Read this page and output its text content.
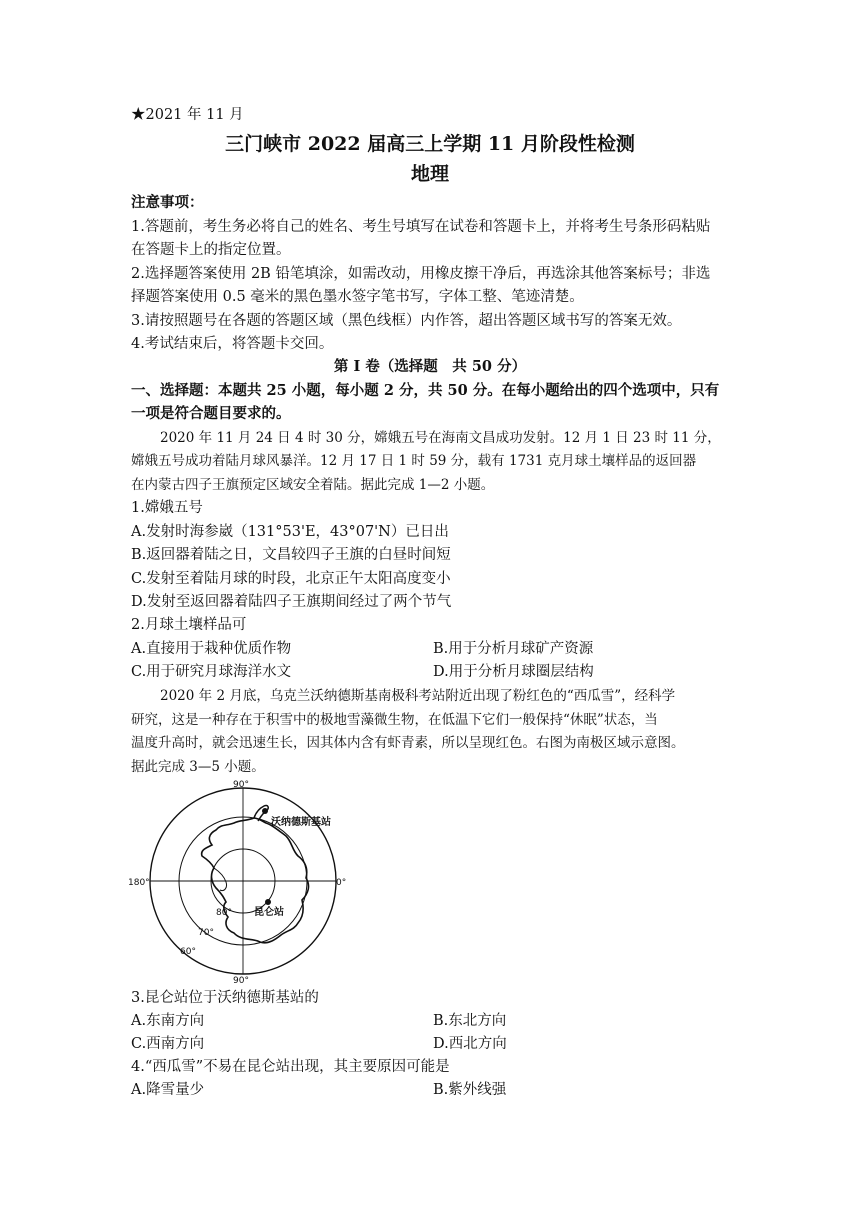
★2021 年 11 月
三门峡市 2022 届高三上学期 11 月阶段性检测
地理
注意事项：
1.答题前，考生务必将自己的姓名、考生号填写在试卷和答题卡上，并将考生号条形码粘贴
在答题卡上的指定位置。
2.选择题答案使用 2B 铅笔填涂，如需改动，用橡皮擦干净后，再选涂其他答案标号；非选
择题答案使用 0.5 毫米的黑色墨水签字笔书写，字体工整、笔迹清楚。
3.请按照题号在各题的答题区域（黑色线框）内作答，超出答题区域书写的答案无效。
4.考试结束后，将答题卡交回。
第 I 卷（选择题　共 50 分）
一、选择题：本题共 25 小题，每小题 2 分，共 50 分。在每小题给出的四个选项中，只有
一项是符合题目要求的。
2020 年 11 月 24 日 4 时 30 分，嫦娥五号在海南文昌成功发射。12 月 1 日 23 时 11 分，
嫦娥五号成功着陆月球风暴洋。12 月 17 日 1 时 59 分，载有 1731 克月球土壤样品的返回器
在内蒙古四子王旗预定区域安全着陆。据此完成 1—2 小题。
1.嫦娥五号
A.发射时海参崴（131°53'E，43°07'N）已日出
B.返回器着陆之日，文昌较四子王旗的白昼时间短
C.发射至着陆月球的时段，北京正午太阳高度变小
D.发射至返回器着陆四子王旗期间经过了两个节气
2.月球土壤样品可
A.直接用于栽种优质作物	B.用于分析月球矿产资源
C.用于研究月球海洋水文	D.用于分析月球圈层结构
2020 年 2 月底，乌克兰沃纳德斯基南极科考站附近出现了粉红色的“西瓜雪”，经科学
研究，这是一种存在于积雪中的极地雪藻微生物，在低温下它们一般保持“休眠”状态，当
温度升高时，就会迅速生长，因其体内含有虾青素，所以呈现红色。右图为南极区域示意图。
据此完成 3—5 小题。
90°
90°
180°	0°
80°
70°
60°
沃纳德斯基站
昆仑站
3.昆仑站位于沃纳德斯基站的
A.东南方向	B.东北方向
C.西南方向	D.西北方向
4.“西瓜雪”不易在昆仑站出现，其主要原因可能是
A.降雪量少	B.紫外线强
